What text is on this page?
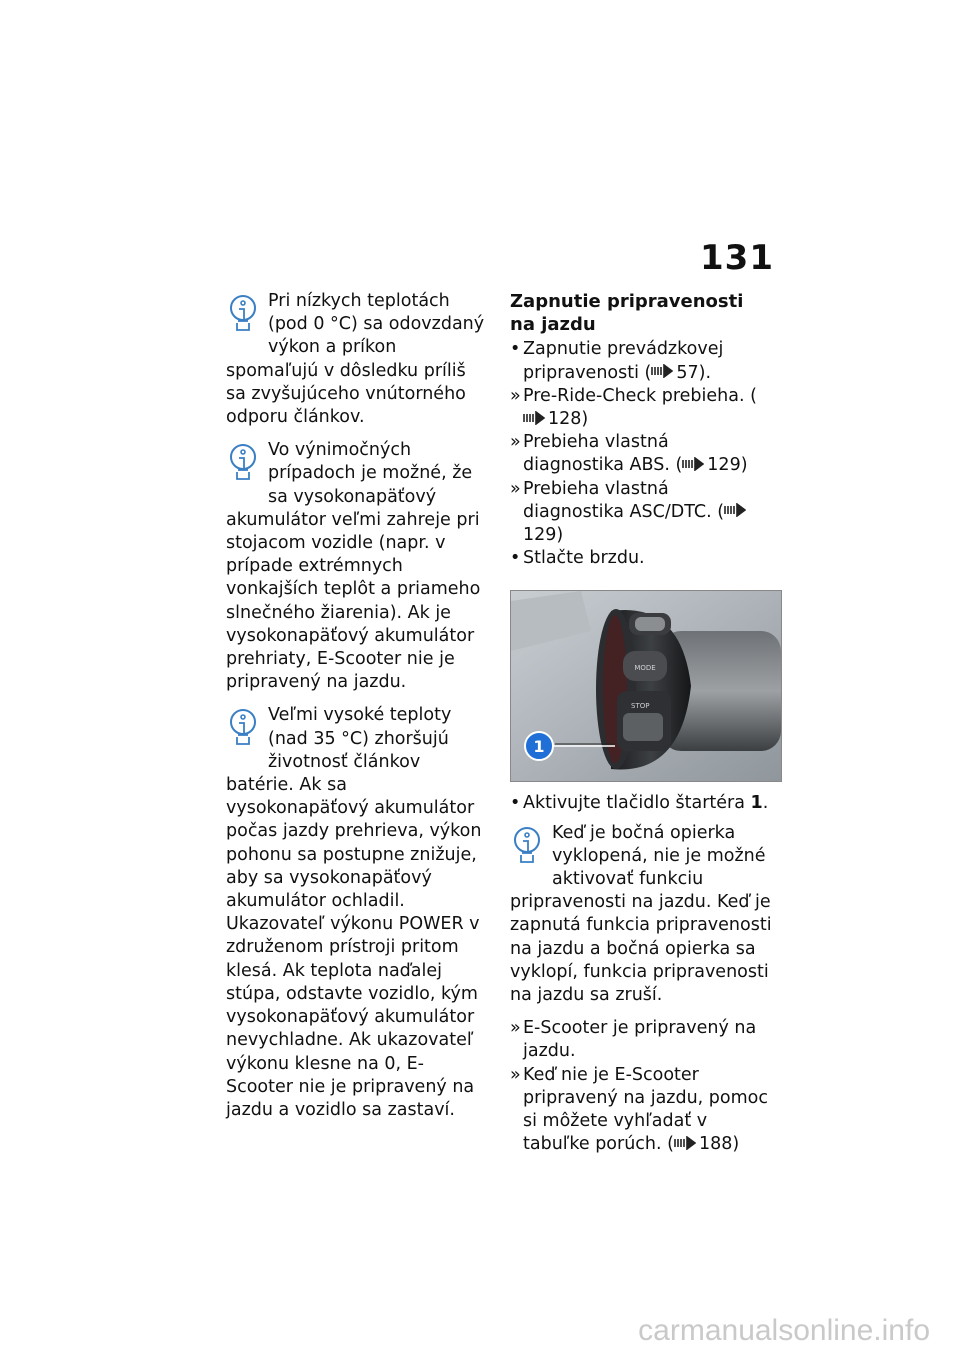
131

Pri nízkych teplotách (pod 0 °C) sa odovzdaný výkon a príkon spomaľujú v dôsledku príliš sa zvyšujúceho vnútorného odporu článkov.

Vo výnimočných prípadoch je možné, že sa vysokonapäťový akumulátor veľmi zahreje pri stojacom vozidle (napr. v prípade extrémnych vonkajších teplôt a priameho slnečného žiarenia). Ak je vysokonapäťový akumulátor prehriaty, E-Scooter nie je pripravený na jazdu.

Veľmi vysoké teploty (nad 35 °C) zhoršujú životnosť článkov batérie. Ak sa vysokonapäťový akumulátor počas jazdy prehrieva, výkon pohonu sa postupne znižuje, aby sa vysokonapäťový akumulátor ochladil. Ukazovateľ výkonu POWER v združenom prístroji pritom klesá. Ak teplota naďalej stúpa, odstavte vozidlo, kým vysokonapäťový akumulátor nevychladne. Ak ukazovateľ výkonu klesne na 0, E-Scooter nie je pripravený na jazdu a vozidlo sa zastaví.

Zapnutie pripravenosti na jazdu
• Zapnutie prevádzkovej pripravenosti ( 57).
» Pre-Ride-Check prebieha. (128)
» Prebieha vlastná diagnostika ABS. ( 129)
» Prebieha vlastná diagnostika ASC/DTC. (129)
• Stlačte brzdu.
MODE
STOP
1
• Aktivujte tlačidlo štartéra 1.

Keď je bočná opierka vyklopená, nie je možné aktivovať funkciu pripravenosti na jazdu. Keď je zapnutá funkcia pripravenosti na jazdu a bočná opierka sa vyklopí, funkcia pripravenosti na jazdu sa zruší.

» E-Scooter je pripravený na jazdu.
» Keď nie je E-Scooter pripravený na jazdu, pomoc si môžete vyhľadať v tabuľke porúch. ( 188)
carmanualsonline.info
